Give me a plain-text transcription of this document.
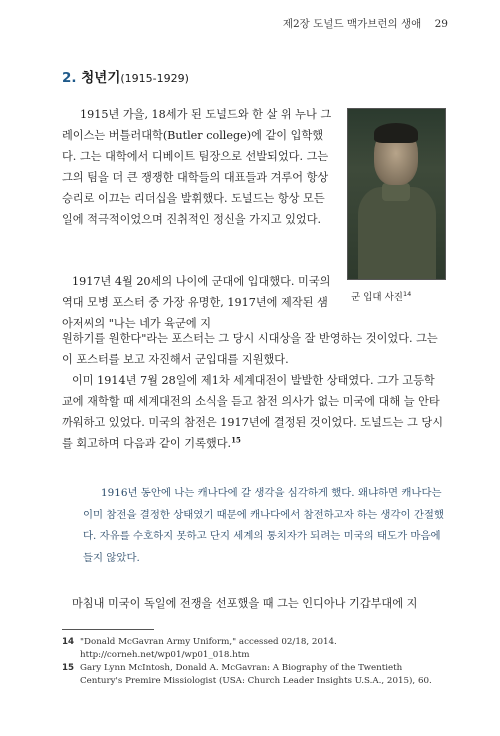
제2장 도널드 맥가브런의 생애 29
2. 청년기(1915-1929)
1915년 가을, 18세가 된 도널드와 한 살 위 누나 그레이스는 버틀러대학(Butler college)에 같이 입학했다. 그는 대학에서 디베이트 팀장으로 선발되었다. 그는 그의 팀을 더 큰 쟁쟁한 대학들의 대표들과 겨루어 항상 승리로 이끄는 리더십을 발휘했다. 도널드는 항상 모든 일에 적극적이었으며 진취적인 정신을 가지고 있었다.
군 입대 사진$^{14}$
1917년 4월 20세의 나이에 군대에 입대했다. 미국의 역대 모병 포스터 중 가장 유명한, 1917년에 제작된 샘 아저씨의 "나는 네가 육군에 지
원하기를 원한다"라는 포스터는 그 당시 시대상을 잘 반영하는 것이었다. 그는 이 포스터를 보고 자진해서 군입대를 지원했다.
이미 1914년 7월 28일에 제1차 세계대전이 발발한 상태였다. 그가 고등학교에 재학할 때 세계대전의 소식을 듣고 참전 의사가 없는 미국에 대해 늘 안타까워하고 있었다. 미국의 참전은 1917년에 결정된 것이었다. 도널드는 그 당시를 회고하며 다음과 같이 기록했다.$^{15}$
1916년 동안에 나는 캐나다에 갈 생각을 심각하게 했다. 왜냐하면 캐나다는 이미 참전을 결정한 상태였기 때문에 캐나다에서 참전하고자 하는 생각이 간절했다. 자유를 수호하지 못하고 단지 세계의 통치자가 되려는 미국의 태도가 마음에 들지 않았다.
마침내 미국이 독일에 전쟁을 선포했을 때 그는 인디아나 기갑부대에 지
14 "Donald McGavran Army Uniform," accessed 02/18, 2014. http://corneh.net/wp01/wp01_018.htm
15 Gary Lynn McIntosh, Donald A. McGavran: A Biography of the Twentieth Century's Premire Missiologist (USA: Church Leader Insights U.S.A., 2015), 60.
